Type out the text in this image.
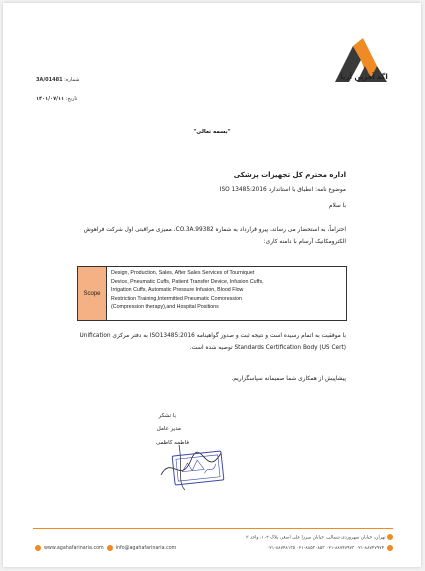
اگه آفرین آریا
شماره: 3A/01481
تاریخ: ۱۴۰۱/۰۷/۱۱
"بسمه تعالی"
اداره محترم کل تجهیزات پزشکی
موضوع نامه: انطباق با استاندارد ISO 13485:2016
با سلام
احتراماً، به استحضار می رساند، پیرو قرارداد به شماره CO.3A.99382، ممیزی مراقبتی اول شرکت فراهوش
الکترومکانیک آرسام با دامنه کاری:
Scope
Design, Production, Sales, After Sales Services of Tourniquet
Device, Pneumatic Cuffs, Patient Transfer Device, Infusion Cuffs,
Irrigation Cuffs, Automatic Pressure Infusion, Blood Flow
Restriction Training,Intermitted Pneumatic Comoression
(Compression therapy),and Hospital Positions
با موفقیت به اتمام رسیده است و نتیجه ثبت و صدور گواهینامه ISO13485:2016 به دفتر مرکزی Unification
Standards Certification Body (US Cert) توصیه شده است.
پیشاپیش از همکاری شما صمیمانه سپاسگزاریم.
با تشکر
مدیر عامل
فاطمه کاظمی
تهران، خیابان سهروردی شمالی، خیابان میرزا علی اصغر، پلاک ۱۰۲، واحد ۳
۰۲۱-۸۸۷۴۸۱۳۵ ۰۲۱-۸۸۵۳۰۸۵۳ ۰۲۱-۸۸۷۴۷۹۷۳ ۰۲۱-۸۸۷۴۷۹۷۴
www.agahafarinaria.com	info@agahafarinaria.com
